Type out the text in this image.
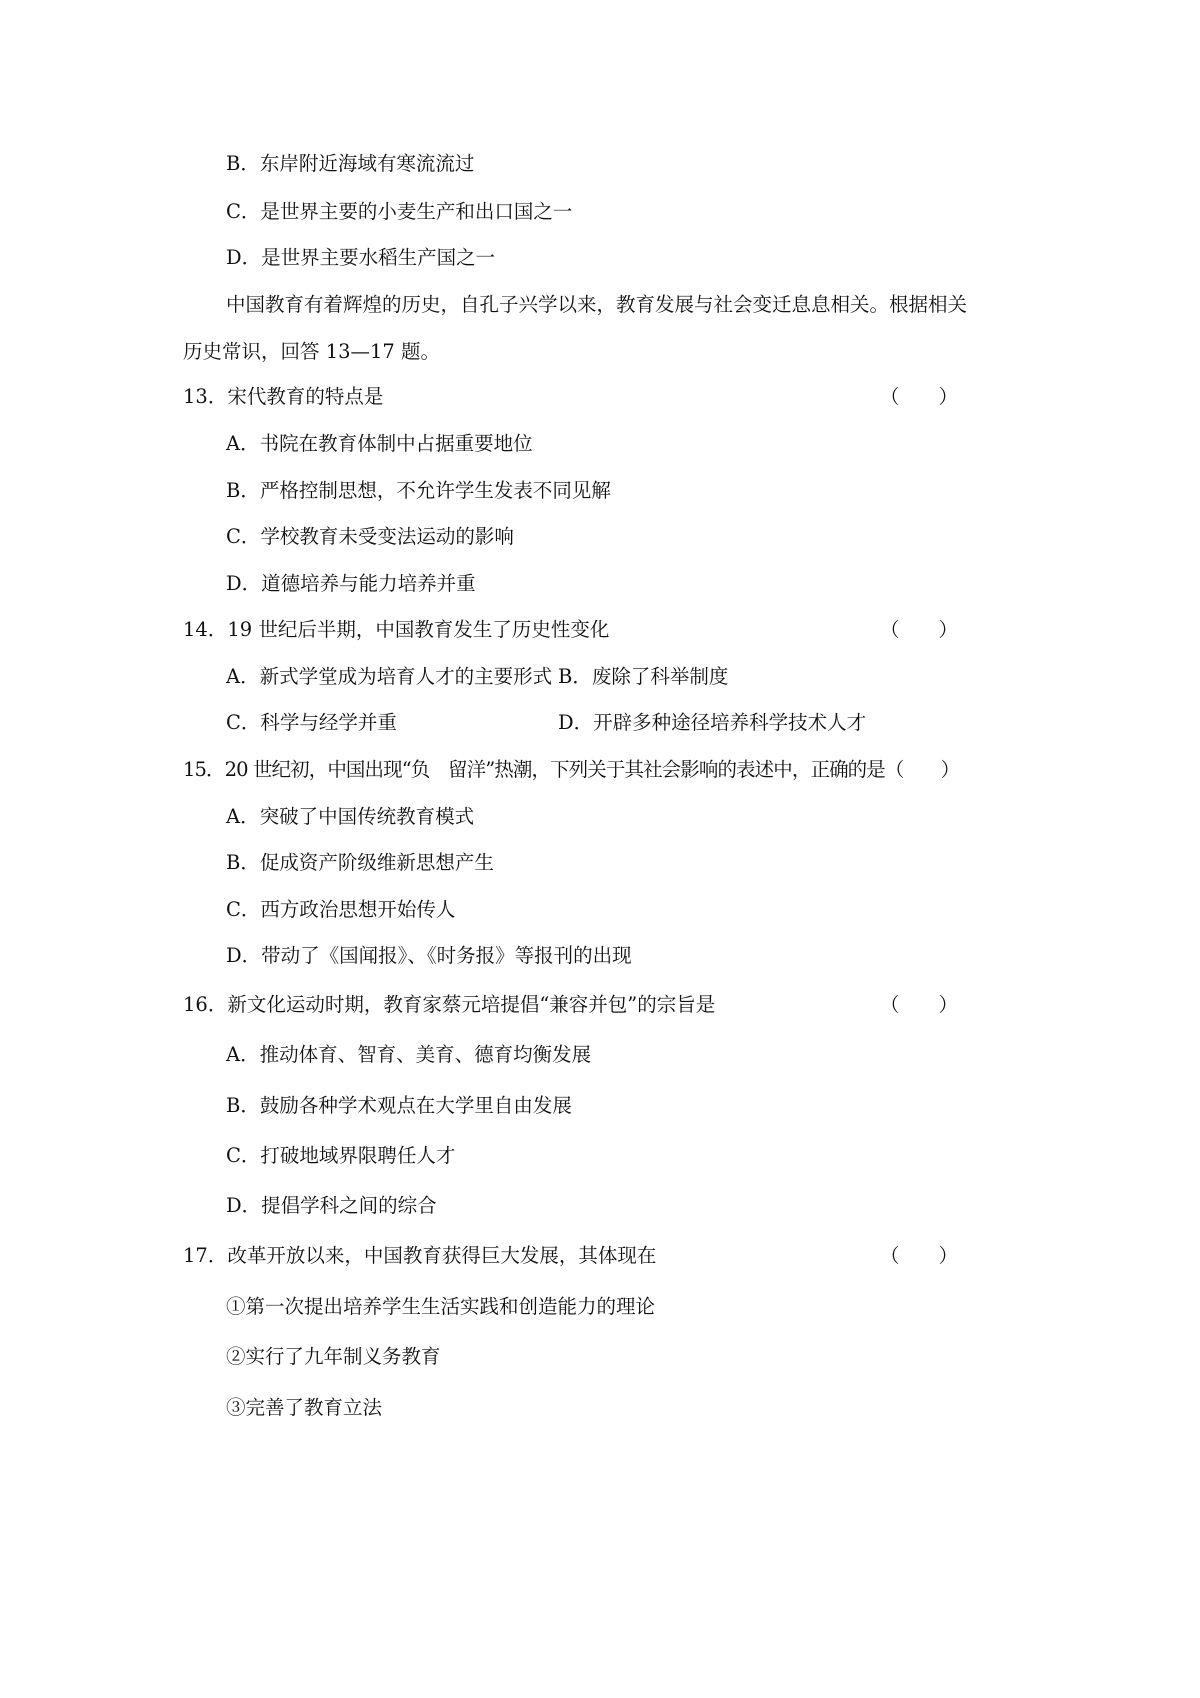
B．东岸附近海域有寒流流过
C．是世界主要的小麦生产和出口国之一
D．是世界主要水稻生产国之一
中国教育有着辉煌的历史，自孔子兴学以来，教育发展与社会变迁息息相关。根据相关
历史常识，回答 13—17 题。
13．宋代教育的特点是	（　　）
A．书院在教育体制中占据重要地位
B．严格控制思想，不允许学生发表不同见解
C．学校教育未受变法运动的影响
D．道德培养与能力培养并重
14．19 世纪后半期，中国教育发生了历史性变化	（　　）
A．新式学堂成为培育人才的主要形式 B．废除了科举制度
C．科学与经学并重	D．开辟多种途径培养科学技术人才
15．20 世纪初，中国出现“负　留洋”热潮，下列关于其社会影响的表述中，正确的是（　　）
A．突破了中国传统教育模式
B．促成资产阶级维新思想产生
C．西方政治思想开始传人
D．带动了《国闻报》、《时务报》等报刊的出现
16．新文化运动时期，教育家蔡元培提倡“兼容并包”的宗旨是	（　　）
A．推动体育、智育、美育、德育均衡发展
B．鼓励各种学术观点在大学里自由发展
C．打破地域界限聘任人才
D．提倡学科之间的综合
17．改革开放以来，中国教育获得巨大发展，其体现在	（　　）
①第一次提出培养学生生活实践和创造能力的理论
②实行了九年制义务教育
③完善了教育立法
